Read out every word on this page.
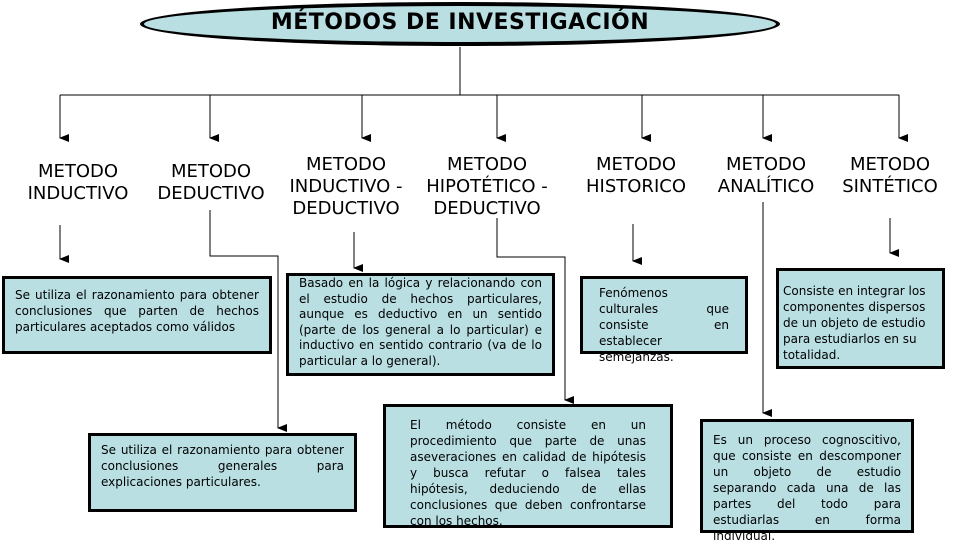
MÉTODOS DE INVESTIGACIÓN
METODO
INDUCTIVO
METODO
DEDUCTIVO
METODO
INDUCTIVO -
DEDUCTIVO
METODO
HIPOTÉTICO -
DEDUCTIVO
METODO
HISTORICO
METODO
ANALÍTICO
METODO
SINTÉTICO
Se utiliza el razonamiento para obtener conclusiones que parten de hechos particulares aceptados como válidos
Se utiliza el razonamiento para obtener conclusiones generales para explicaciones particulares.
Basado en la lógica y relacionando con el estudio de hechos particulares, aunque es deductivo en un sentido (parte de los general a lo particular) e inductivo en sentido contrario (va de lo particular a lo general).
El método consiste en un procedimiento que parte de unas aseveraciones en calidad de hipótesis y busca refutar o falsea tales hipótesis, deduciendo de ellas conclusiones que deben confrontarse con los hechos.
Fenómenos culturales que consiste en establecer semejanzas.
Es un proceso cognoscitivo, que consiste en descomponer un objeto de estudio separando cada una de las partes del todo para estudiarlas en forma individual.
Consiste en integrar los componentes dispersos de un objeto de estudio para estudiarlos en su totalidad.
